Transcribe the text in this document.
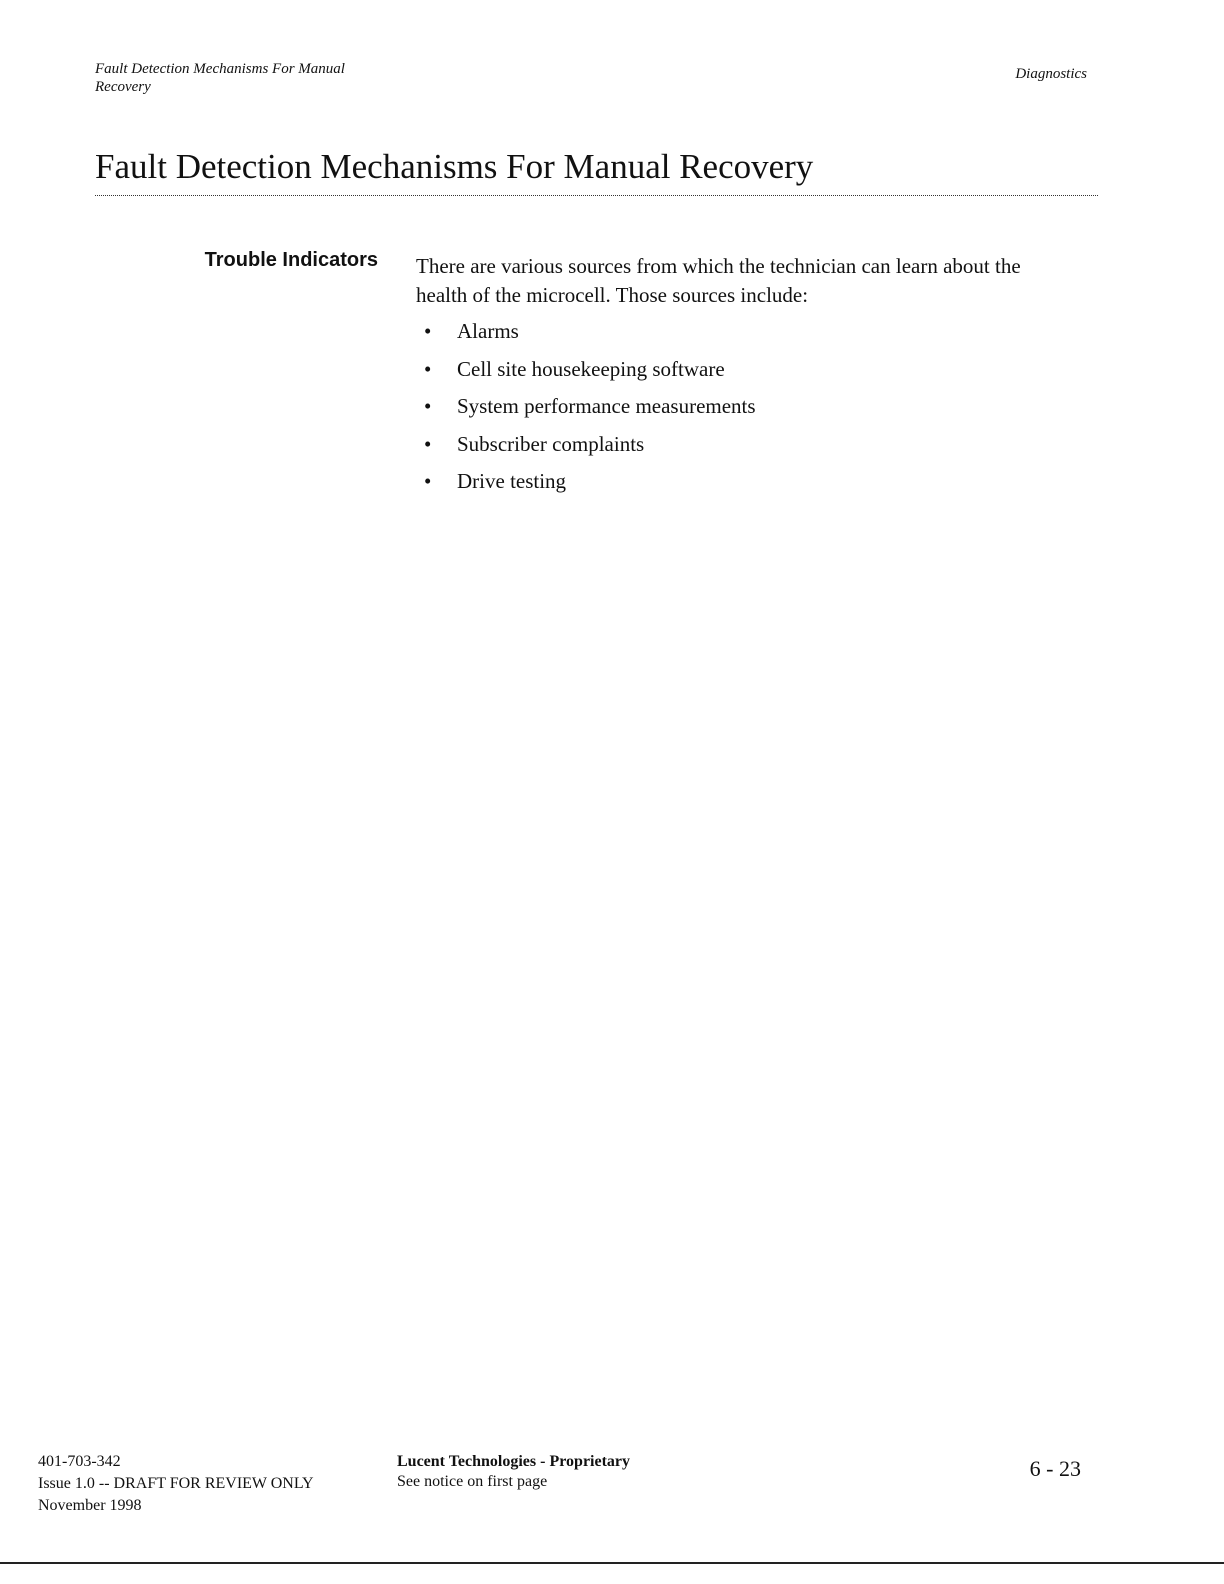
Fault Detection Mechanisms For Manual
Recovery
Diagnostics
Fault Detection Mechanisms For Manual Recovery
Trouble Indicators There are various sources from which the technician can learn about the
health of the microcell. Those sources include:

• Alarms
• Cell site housekeeping software
• System performance measurements
• Subscriber complaints
• Drive testing
401-703-342
Issue 1.0 -- DRAFT FOR REVIEW ONLY
November 1998
Lucent Technologies - Proprietary
See notice on first page
6 - 23
